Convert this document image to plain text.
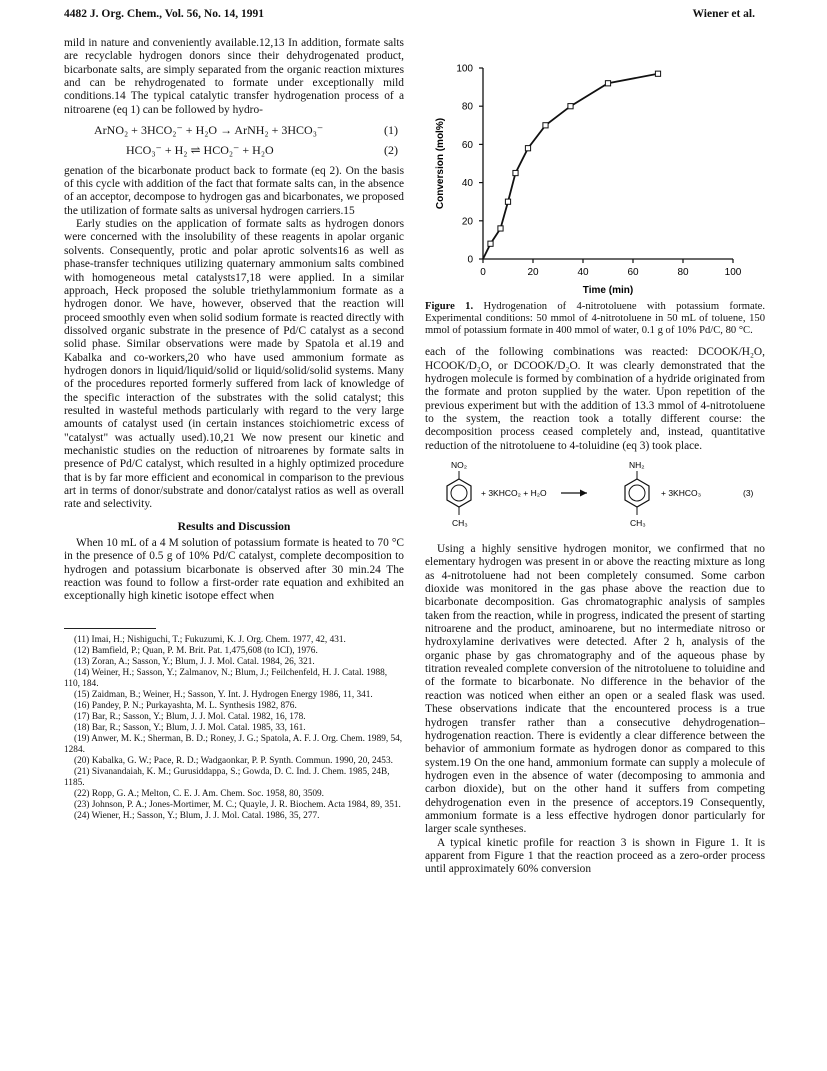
4482 J. Org. Chem., Vol. 56, No. 14, 1991	Wiener et al.

mild in nature and conveniently available.12,13 In addition, formate salts are recyclable hydrogen donors since their dehydrogenated product, bicarbonate salts, are simply separated from the organic reaction mixtures and can be rehydrogenated to formate under exceptionally mild conditions.14 The typical catalytic transfer hydrogenation process of a nitroarene (eq 1) can be followed by hydro-

ArNO₂ + 3HCO₂⁻ + H₂O → ArNH₂ + 3HCO₃⁻	(1)
HCO₃⁻ + H₂ ⇌ HCO₂⁻ + H₂O	(2)

genation of the bicarbonate product back to formate (eq 2). On the basis of this cycle with addition of the fact that formate salts can, in the absence of an acceptor, decompose to hydrogen gas and bicarbonates, we proposed the utilization of formate salts as universal hydrogen carriers.15

Early studies on the application of formate salts as hydrogen donors were concerned with the insolubility of these reagents in apolar organic solvents. Consequently, protic and polar aprotic solvents16 as well as phase-transfer techniques utilizing quaternary ammonium salts combined with homogeneous metal catalysts17,18 were applied. In a similar approach, Heck proposed the soluble triethylammonium formate as a hydrogen donor. We have, however, observed that the reaction will proceed smoothly even when solid sodium formate is reacted directly with dissolved organic substrate in the presence of Pd/C catalyst as a second solid phase. Similar observations were made by Spatola et al.19 and Kabalka and co-workers,20 who have used ammonium formate as hydrogen donors in liquid/liquid/solid or liquid/solid/solid systems. Many of the procedures reported formerly suffered from lack of knowledge of the specific interaction of the substrates with the solid catalyst; this resulted in wasteful methods particularly with regard to the very large amounts of catalyst used (in certain instances stoichiometric excess of "catalyst" was actually used).10,21 We now present our kinetic and mechanistic studies on the reduction of nitroarenes by formate salts in presence of Pd/C catalyst, which resulted in a highly optimized procedure that is by far more efficient and economical in comparison to the previous art in terms of donor/substrate and donor/catalyst ratios as well as overall rate and selectivity.

Results and Discussion

When 10 mL of a 4 M solution of potassium formate is heated to 70 °C in the presence of 0.5 g of 10% Pd/C catalyst, complete decomposition to hydrogen and potassium bicarbonate is observed after 30 min.24 The reaction was found to follow a first-order rate equation and exhibited an exceptionally high kinetic isotope effect when

(11) Imai, H.; Nishiguchi, T.; Fukuzumi, K. J. Org. Chem. 1977, 42, 431.
(12) Bamfield, P.; Quan, P. M. Brit. Pat. 1,475,608 (to ICI), 1976.
(13) Zoran, A.; Sasson, Y.; Blum, J. J. Mol. Catal. 1984, 26, 321.
(14) Weiner, H.; Sasson, Y.; Zalmanov, N.; Blum, J.; Feilchenfeld, H. J. Catal. 1988, 110, 184.
(15) Zaidman, B.; Weiner, H.; Sasson, Y. Int. J. Hydrogen Energy 1986, 11, 341.
(16) Pandey, P. N.; Purkayashta, M. L. Synthesis 1982, 876.
(17) Bar, R.; Sasson, Y.; Blum, J. J. Mol. Catal. 1982, 16, 178.
(18) Bar, R.; Sasson, Y.; Blum, J. J. Mol. Catal. 1985, 33, 161.
(19) Anwer, M. K.; Sherman, B. D.; Roney, J. G.; Spatola, A. F. J. Org. Chem. 1989, 54, 1284.
(20) Kabalka, G. W.; Pace, R. D.; Wadgaonkar, P. P. Synth. Commun. 1990, 20, 2453.
(21) Sivanandaiah, K. M.; Gurusiddappa, S.; Gowda, D. C. Ind. J. Chem. 1985, 24B, 1185.
(22) Ropp, G. A.; Melton, C. E. J. Am. Chem. Soc. 1958, 80, 3509.
(23) Johnson, P. A.; Jones-Mortimer, M. C.; Quayle, J. R. Biochem. Acta 1984, 89, 351.
(24) Wiener, H.; Sasson, Y.; Blum, J. J. Mol. Catal. 1986, 35, 277.
0
20
40
60
80
100
0	20	40	60	80	100
Time (min)
Conversion (mol%)
Figure 1. Hydrogenation of 4-nitrotoluene with potassium formate. Experimental conditions: 50 mmol of 4-nitrotoluene in 50 mL of toluene, 150 mmol of potassium formate in 400 mmol of water, 0.1 g of 10% Pd/C, 80 °C.

each of the following combinations was reacted: DCOOK/H₂O, HCOOK/D₂O, or DCOOK/D₂O. It was clearly demonstrated that the hydrogen molecule is formed by combination of a hydride originated from the formate and proton supplied by the water. Upon repetition of the previous experiment but with the addition of 13.3 mmol of 4-nitrotoluene to the system, the reaction took a totally different course: the decomposition process ceased completely and, instead, quantitative reduction of the nitrotoluene to 4-toluidine (eq 3) took place.

NO₂
CH₃
+ 3KHCO₂ + H₂O
NH₂
CH₃
+ 3KHCO₃	(3)

Using a highly sensitive hydrogen monitor, we confirmed that no elementary hydrogen was present in or above the reacting mixture as long as 4-nitrotoluene had not been completely consumed. Some carbon dioxide was monitored in the gas phase above the reaction due to bicarbonate decomposition. Gas chromatographic analysis of samples taken from the reaction, while in progress, indicated the present of starting nitroarene and the product, aminoarene, but no intermediate nitroso or hydroxylamine derivatives were detected. After 2 h, analysis of the organic phase by gas chromatography and of the aqueous phase by titration revealed complete conversion of the nitrotoluene to toluidine and of the formate to bicarbonate. No difference in the behavior of the reaction was noticed when either an open or a sealed flask was used. These observations indicate that the encountered process is a true hydrogen transfer rather than a consecutive dehydrogenation–hydrogenation reaction. There is evidently a clear difference between the behavior of ammonium formate as hydrogen donor as compared to this system.19 On the one hand, ammonium formate can supply a molecule of hydrogen even in the absence of water (decomposing to ammonia and carbon dioxide), but on the other hand it suffers from competing dehydrogenation even in the presence of acceptors.19 Consequently, ammonium formate is a less effective hydrogen donor particularly for larger scale syntheses.

A typical kinetic profile for reaction 3 is shown in Figure 1. It is apparent from Figure 1 that the reaction proceed as a zero-order process until approximately 60% conversion
